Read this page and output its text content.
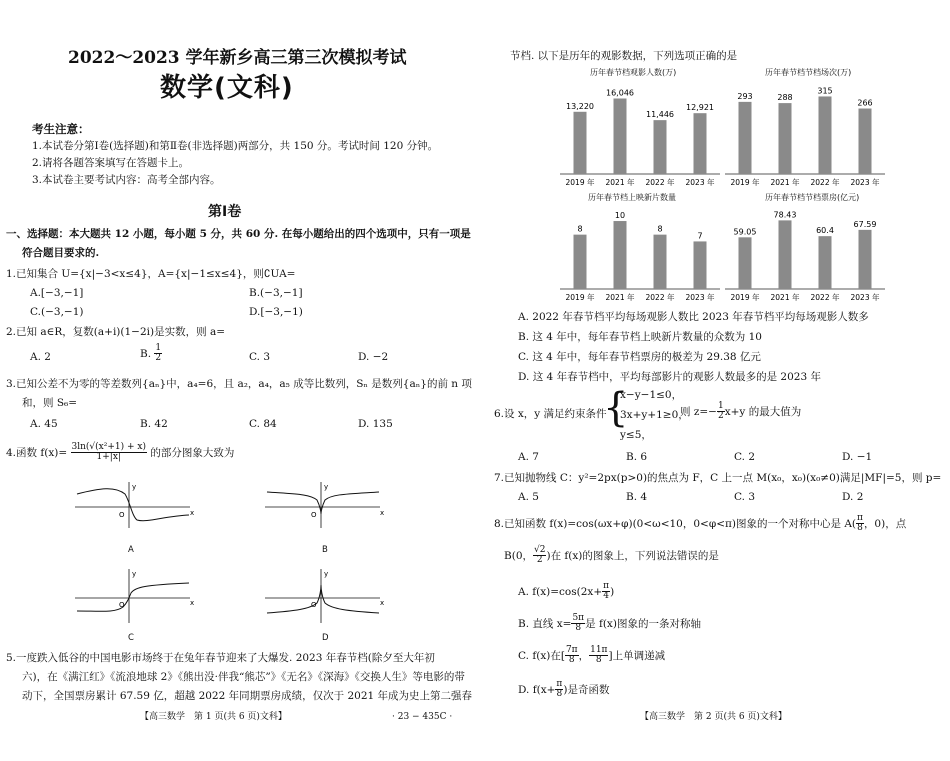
2022～2023 学年新乡高三第三次模拟考试
数学(文科)
考生注意：
1.本试卷分第Ⅰ卷(选择题)和第Ⅱ卷(非选择题)两部分，共 150 分。考试时间 120 分钟。
2.请将各题答案填写在答题卡上。
3.本试卷主要考试内容：高考全部内容。
第Ⅰ卷
一、选择题：本大题共 12 小题，每小题 5 分，共 60 分. 在每小题给出的四个选项中，只有一项是
符合题目要求的.
1.已知集合 U={x|−3<x≤4}，A={x|−1≤x≤4}，则∁UA=
A.[−3,−1]	B.(−3,−1]
C.(−3,−1)	D.[−3,−1)
2.已知 a∈R，复数(a+i)(1−2i)是实数，则 a=
A. 2	B. $\frac{1}{2}$	C. 3	D. −2
3.已知公差不为零的等差数列{aₙ}中，a₄=6，且 a₂，a₄，a₅ 成等比数列，Sₙ 是数列{aₙ}的前 n 项
和，则 S₆=
A. 45	B. 42	C. 84	D. 135
4.函数 $f(x)= \frac{\text{3ln(√(x²+1) + x)}}{1+|x|}$ 的部分图象大致为
y
x
O
A
y
x
O
B
y
x
O
C
y
x
O
D
5.一度跌入低谷的中国电影市场终于在兔年春节迎来了大爆发. 2023 年春节档(除夕至大年初
六)，在《满江红》《流浪地球 2》《熊出没·伴我“熊芯”》《无名》《深海》《交换人生》等电影的带
动下，全国票房累计 67.59 亿，超越 2022 年同期票房成绩，仅次于 2021 年成为史上第二强春
【高三数学　第 1 页(共 6 页)文科】	· 23 − 435C ·
节档. 以下是历年的观影数据，下列选项正确的是
历年春节档观影人数(万)
13,220
2019 年
16,046
2021 年
11,446
2022 年
12,921
2023 年
历年春节档节档场次(万)
293
2019 年
288
2021 年
315
2022 年
266
2023 年
历年春节档上映新片数量
8
2019 年
10
2021 年
8
2022 年
7
2023 年
历年春节档节档票房(亿元)
59.05
2019 年
78.43
2021 年
60.4
2022 年
67.59
2023 年
A. 2022 年春节档平均每场观影人数比 2023 年春节档平均每场观影人数多
B. 这 4 年中，每年春节档上映新片数量的众数为 10
C. 这 4 年中，每年春节档票房的极差为 29.38 亿元
D. 这 4 年春节档中，平均每部影片的观影人数最多的是 2023 年
6.设 x，y 满足约束条件
{
x−y−1≤0，
3x+y+1≥0，
y≤5，
则 $z=- \frac{1}{2} x+y$ 的最大值为
A. 7	B. 6	C. 2	D. −1
7.已知抛物线 C：y²=2px(p>0)的焦点为 F，C 上一点 M(x₀，x₀)(x₀≠0)满足|MF|=5，则 p=
A. 5	B. 4	C. 3	D. 2
8.已知函数 f(x)=cos(ωx+φ)(0<ω<10，0<φ<π)图象的一个对称中心是 $A( \frac{\pi}{8}$ ，0)，点
B(0， $\frac{√2}{2}$ )在 f(x)的图象上，下列说法错误的是
A. $f(x)=\cos(2x+ \frac{\pi}{4}$ )
B. 直线 $x= \frac{5\pi}{8}$ 是 f(x)图象的一条对称轴
C. f(x)在[ $\frac{7\pi}{8}$ ， $\frac{11\pi}{8}$ ]上单调递减
D. $f(x+ \frac{\pi}{8}$ )是奇函数
【高三数学　第 2 页(共 6 页)文科】
